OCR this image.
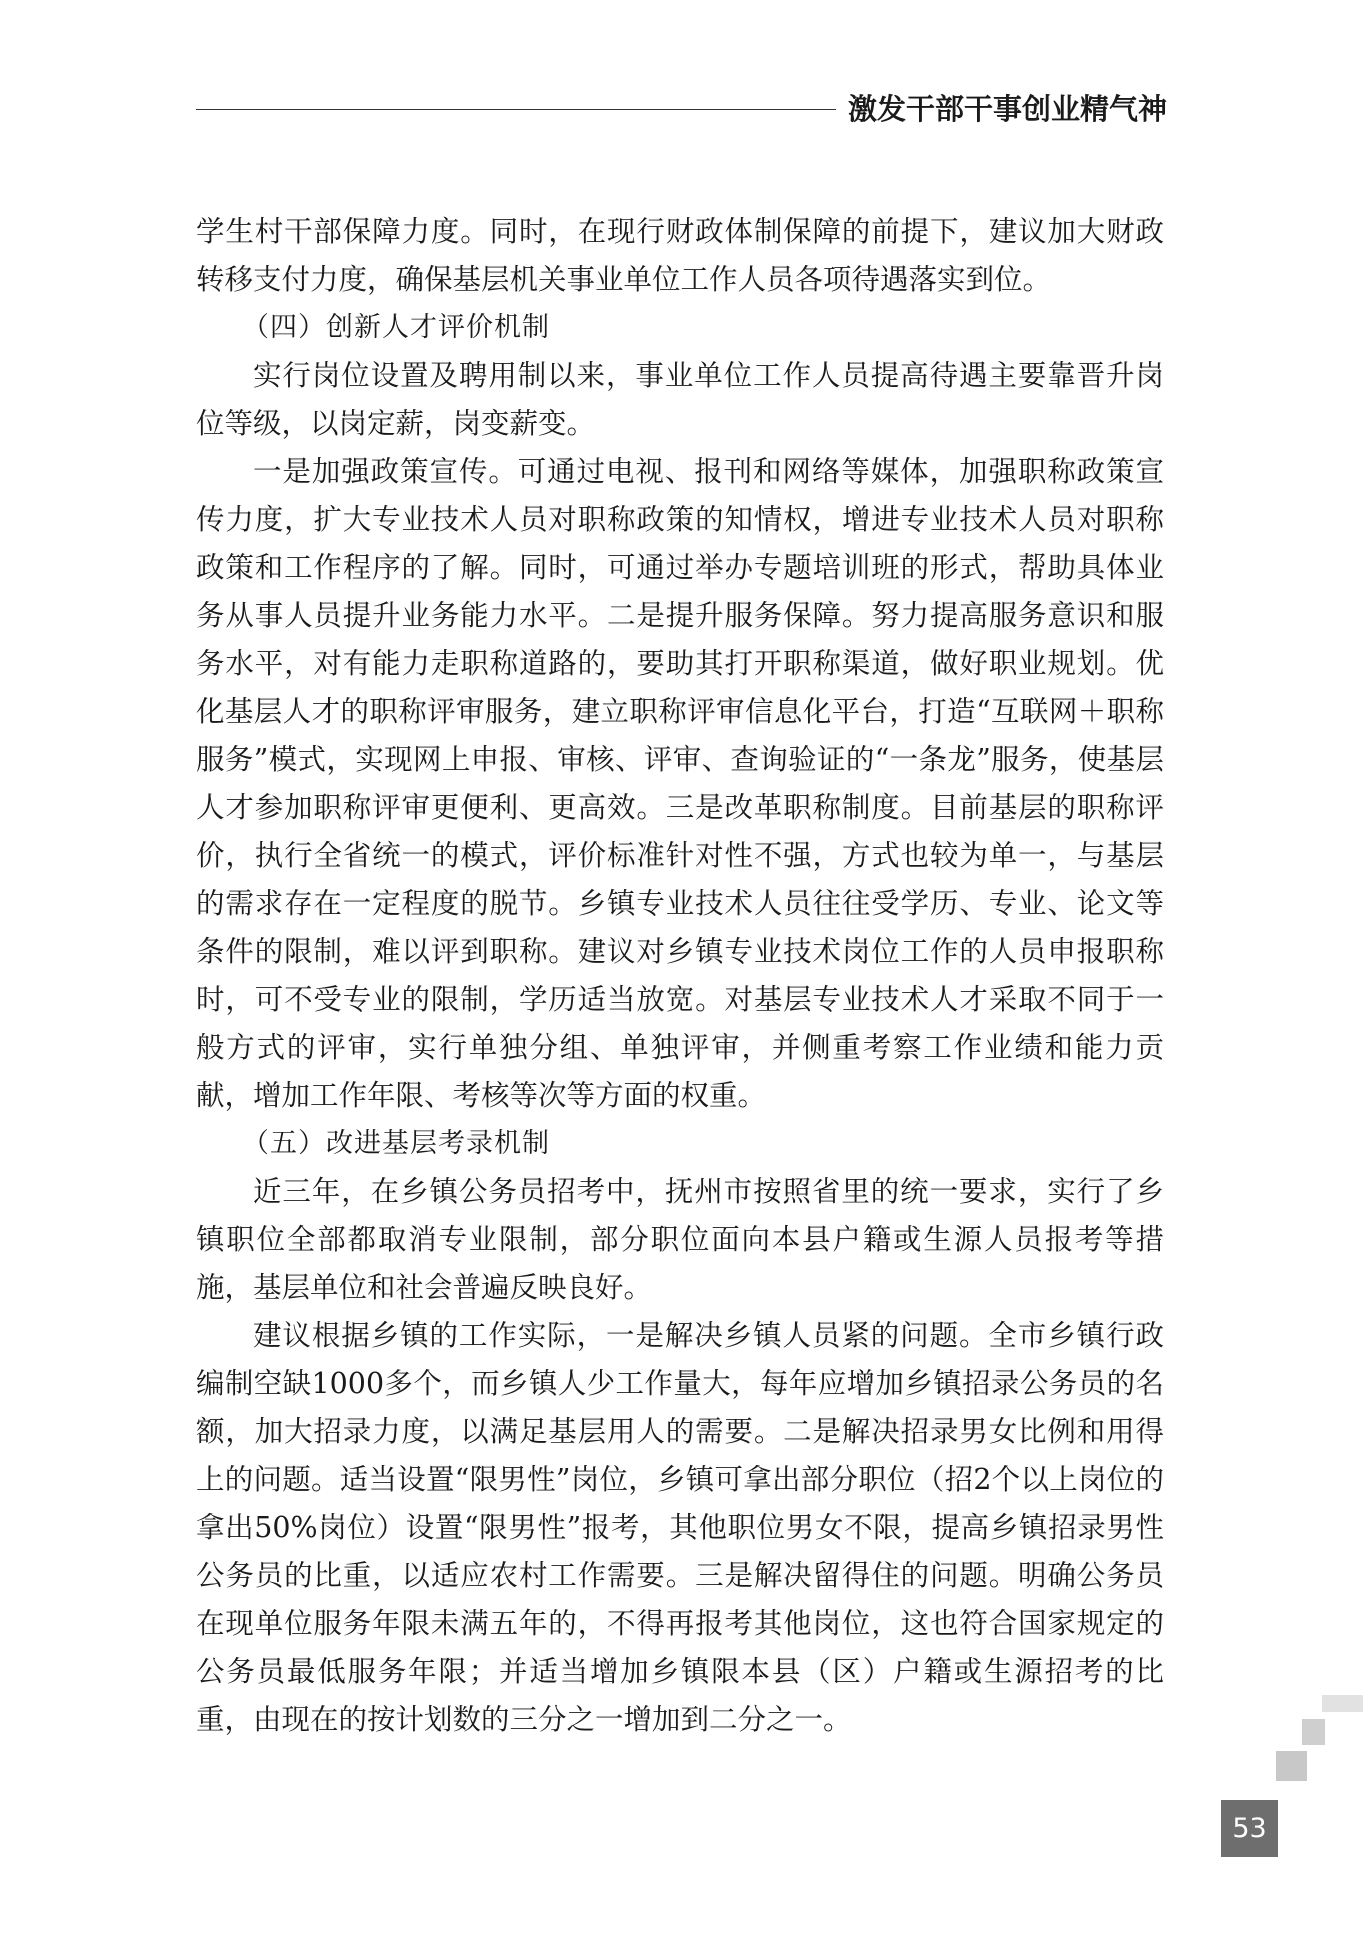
激发干部干事创业精气神

学生村干部保障力度。同时，在现行财政体制保障的前提下，建议加大财政转移支付力度，确保基层机关事业单位工作人员各项待遇落实到位。

（四）创新人才评价机制

实行岗位设置及聘用制以来，事业单位工作人员提高待遇主要靠晋升岗位等级，以岗定薪，岗变薪变。

一是加强政策宣传。可通过电视、报刊和网络等媒体，加强职称政策宣传力度，扩大专业技术人员对职称政策的知情权，增进专业技术人员对职称政策和工作程序的了解。同时，可通过举办专题培训班的形式，帮助具体业务从事人员提升业务能力水平。二是提升服务保障。努力提高服务意识和服务水平，对有能力走职称道路的，要助其打开职称渠道，做好职业规划。优化基层人才的职称评审服务，建立职称评审信息化平台，打造“互联网＋职称服务”模式，实现网上申报、审核、评审、查询验证的“一条龙”服务，使基层人才参加职称评审更便利、更高效。三是改革职称制度。目前基层的职称评价，执行全省统一的模式，评价标准针对性不强，方式也较为单一，与基层的需求存在一定程度的脱节。乡镇专业技术人员往往受学历、专业、论文等条件的限制，难以评到职称。建议对乡镇专业技术岗位工作的人员申报职称时，可不受专业的限制，学历适当放宽。对基层专业技术人才采取不同于一般方式的评审，实行单独分组、单独评审，并侧重考察工作业绩和能力贡献，增加工作年限、考核等次等方面的权重。

（五）改进基层考录机制

近三年，在乡镇公务员招考中，抚州市按照省里的统一要求，实行了乡镇职位全部都取消专业限制，部分职位面向本县户籍或生源人员报考等措施，基层单位和社会普遍反映良好。

建议根据乡镇的工作实际，一是解决乡镇人员紧的问题。全市乡镇行政编制空缺1000多个，而乡镇人少工作量大，每年应增加乡镇招录公务员的名额，加大招录力度，以满足基层用人的需要。二是解决招录男女比例和用得上的问题。适当设置“限男性”岗位，乡镇可拿出部分职位（招2个以上岗位的拿出50%岗位）设置“限男性”报考，其他职位男女不限，提高乡镇招录男性公务员的比重，以适应农村工作需要。三是解决留得住的问题。明确公务员在现单位服务年限未满五年的，不得再报考其他岗位，这也符合国家规定的公务员最低服务年限；并适当增加乡镇限本县（区）户籍或生源招考的比重，由现在的按计划数的三分之一增加到二分之一。

53
